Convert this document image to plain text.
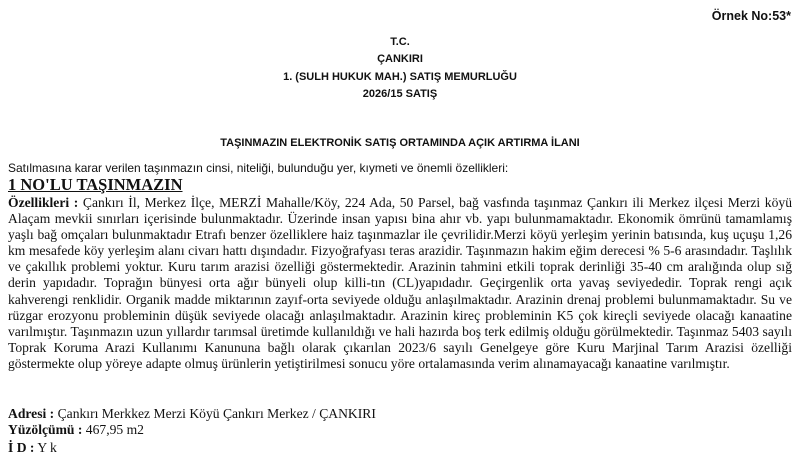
Örnek No:53*
T.C.
ÇANKIRI
1. (SULH HUKUK MAH.) SATIŞ MEMURLUĞU
2026/15 SATIŞ
TAŞINMAZIN ELEKTRONİK SATIŞ ORTAMINDA AÇIK ARTIRMA İLANI
Satılmasına karar verilen taşınmazın cinsi, niteliği, bulunduğu yer, kıymeti ve önemli özellikleri:
1 NO'LU TAŞINMAZIN
Özellikleri : Çankırı İl, Merkez İlçe, MERZİ Mahalle/Köy, 224 Ada, 50 Parsel, bağ vasfında taşınmaz Çankırı ili Merkez ilçesi Merzi köyü Alaçam mevkii sınırları içerisinde bulunmaktadır. Üzerinde insan yapısı bina ahır vb. yapı bulunmamaktadır. Ekonomik ömrünü tamamlamış yaşlı bağ omçaları bulunmaktadır Etrafı benzer özelliklere haiz taşınmazlar ile çevrilidir.Merzi köyü yerleşim yerinin batısında, kuş uçuşu 1,26 km mesafede köy yerleşim alanı civarı hattı dışındadır. Fizyoğrafyası teras arazidir. Taşınmazın hakim eğim derecesi % 5-6 arasındadır. Taşlılık ve çakıllık problemi yoktur. Kuru tarım arazisi özelliği göstermektedir. Arazinin tahmini etkili toprak derinliği 35-40 cm aralığında olup sığ derin yapıdadır. Toprağın bünyesi orta ağır bünyeli olup killi-tın (CL)yapıdadır. Geçirgenlik orta yavaş seviyededir. Toprak rengi açık kahverengi renklidir. Organik madde miktarının zayıf-orta seviyede olduğu anlaşılmaktadır. Arazinin drenaj problemi bulunmamaktadır. Su ve rüzgar erozyonu probleminin düşük seviyede olacağı anlaşılmaktadır. Arazinin kireç probleminin K5 çok kireçli seviyede olacağı kanaatine varılmıştır. Taşınmazın uzun yıllardır tarımsal üretimde kullanıldığı ve hali hazırda boş terk edilmiş olduğu görülmektedir. Taşınmaz 5403 sayılı Toprak Koruma Arazi Kullanımı Kanununa bağlı olarak çıkarılan 2023/6 sayılı Genelgeye göre Kuru Marjinal Tarım Arazisi özelliği göstermekte olup yöreye adapte olmuş ürünlerin yetiştirilmesi sonucu yöre ortalamasında verim alınamayacağı kanaatine varılmıştır.
Adresi : Çankırı Merkkez Merzi Köyü Çankırı Merkez / ÇANKIRI
Yüzölçümü : 467,95 m2
İ D : Y k
